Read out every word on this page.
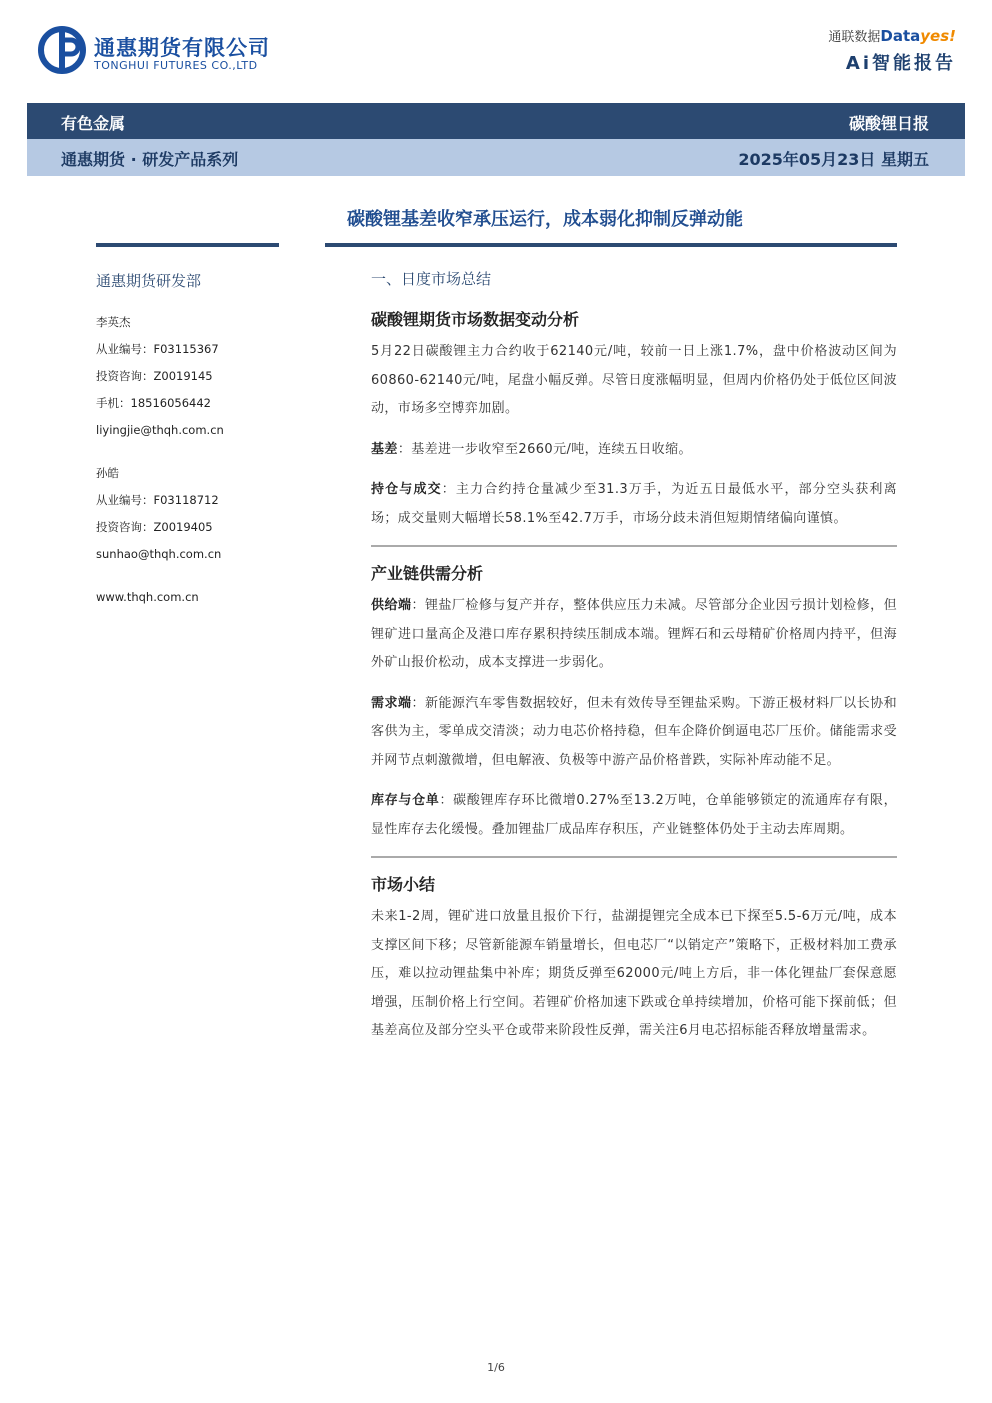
通惠期货有限公司
TONGHUI FUTURES CO.,LTD
通联数据Datayes!
Ai智能报告
有色金属	碳酸锂日报
通惠期货 · 研发产品系列	2025年05月23日 星期五
碳酸锂基差收窄承压运行，成本弱化抑制反弹动能
通惠期货研发部
李英杰
从业编号：F03115367
投资咨询：Z0019145
手机：18516056442
liyingjie@thqh.com.cn
孙皓
从业编号：F03118712
投资咨询：Z0019405
sunhao@thqh.com.cn
www.thqh.com.cn
一、日度市场总结
碳酸锂期货市场数据变动分析

5月22日碳酸锂主力合约收于62140元/吨，较前一日上涨1.7%，盘中价格波动区间为60860-62140元/吨，尾盘小幅反弹。尽管日度涨幅明显，但周内价格仍处于低位区间波动，市场多空博弈加剧。

基差：基差进一步收窄至2660元/吨，连续五日收缩。

持仓与成交：主力合约持仓量减少至31.3万手，为近五日最低水平，部分空头获利离场；成交量则大幅增长58.1%至42.7万手，市场分歧未消但短期情绪偏向谨慎。

产业链供需分析

供给端：锂盐厂检修与复产并存，整体供应压力未减。尽管部分企业因亏损计划检修，但锂矿进口量高企及港口库存累积持续压制成本端。锂辉石和云母精矿价格周内持平，但海外矿山报价松动，成本支撑进一步弱化。

需求端：新能源汽车零售数据较好，但未有效传导至锂盐采购。下游正极材料厂以长协和客供为主，零单成交清淡；动力电芯价格持稳，但车企降价倒逼电芯厂压价。储能需求受并网节点刺激微增，但电解液、负极等中游产品价格普跌，实际补库动能不足。

库存与仓单：碳酸锂库存环比微增0.27%至13.2万吨，仓单能够锁定的流通库存有限，显性库存去化缓慢。叠加锂盐厂成品库存积压，产业链整体仍处于主动去库周期。

市场小结

未来1-2周，锂矿进口放量且报价下行，盐湖提锂完全成本已下探至5.5-6万元/吨，成本支撑区间下移；尽管新能源车销量增长，但电芯厂“以销定产”策略下，正极材料加工费承压，难以拉动锂盐集中补库；期货反弹至62000元/吨上方后，非一体化锂盐厂套保意愿增强，压制价格上行空间。若锂矿价格加速下跌或仓单持续增加，价格可能下探前低；但基差高位及部分空头平仓或带来阶段性反弹，需关注6月电芯招标能否释放增量需求。

1/6
